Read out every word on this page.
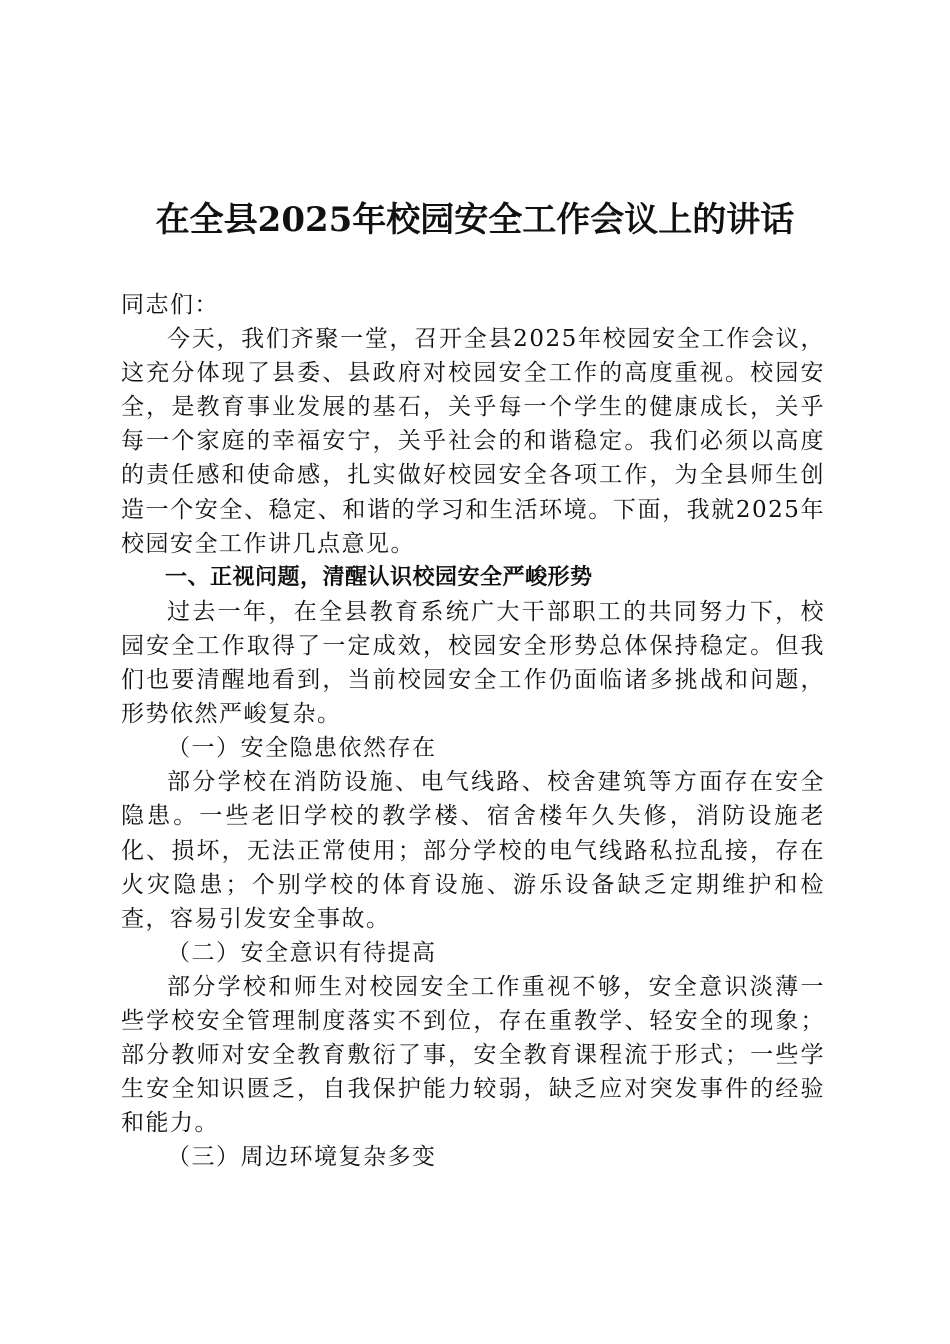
在全县2025年校园安全工作会议上的讲话

同志们：

今天，我们齐聚一堂，召开全县2025年校园安全工作会议，这充分体现了县委、县政府对校园安全工作的高度重视。校园安全，是教育事业发展的基石，关乎每一个学生的健康成长，关乎每一个家庭的幸福安宁，关乎社会的和谐稳定。我们必须以高度的责任感和使命感，扎实做好校园安全各项工作，为全县师生创造一个安全、稳定、和谐的学习和生活环境。下面，我就2025年校园安全工作讲几点意见。

一、正视问题，清醒认识校园安全严峻形势

过去一年，在全县教育系统广大干部职工的共同努力下，校园安全工作取得了一定成效，校园安全形势总体保持稳定。但我们也要清醒地看到，当前校园安全工作仍面临诸多挑战和问题，形势依然严峻复杂。

（一）安全隐患依然存在

部分学校在消防设施、电气线路、校舍建筑等方面存在安全隐患。一些老旧学校的教学楼、宿舍楼年久失修，消防设施老化、损坏，无法正常使用；部分学校的电气线路私拉乱接，存在火灾隐患；个别学校的体育设施、游乐设备缺乏定期维护和检查，容易引发安全事故。

（二）安全意识有待提高

部分学校和师生对校园安全工作重视不够，安全意识淡薄一些学校安全管理制度落实不到位，存在重教学、轻安全的现象；部分教师对安全教育敷衍了事，安全教育课程流于形式；一些学生安全知识匮乏，自我保护能力较弱，缺乏应对突发事件的经验和能力。

（三）周边环境复杂多变
